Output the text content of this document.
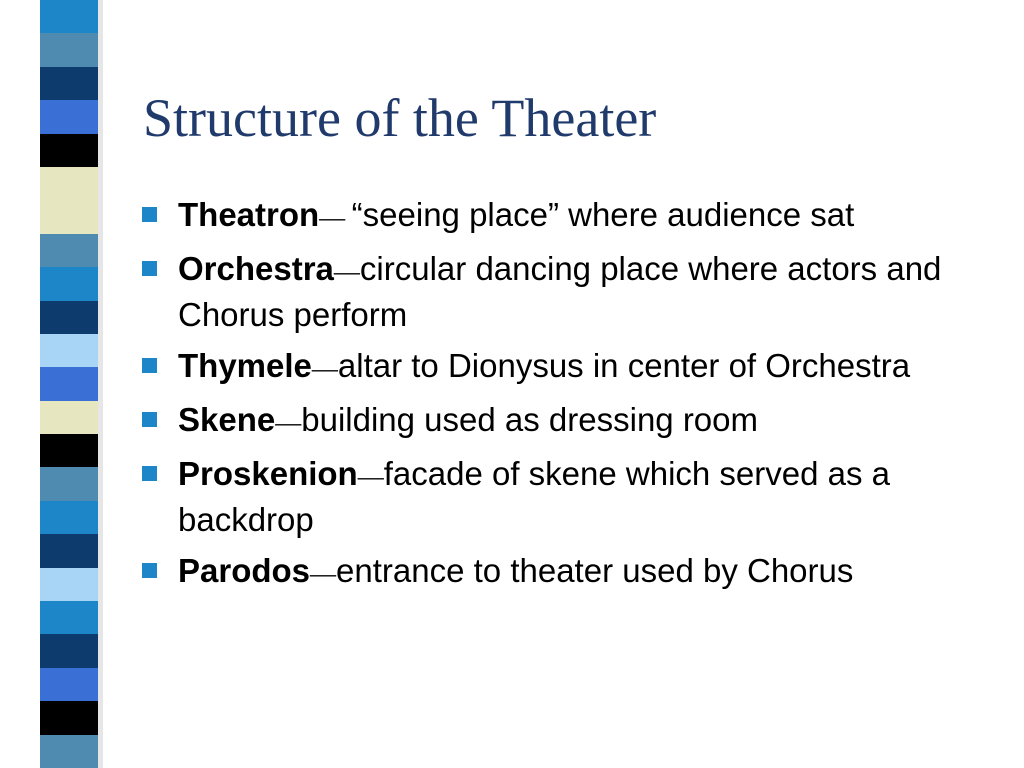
Structure of the Theater
Theatron— “seeing place” where audience sat
Orchestra—circular dancing place where actors and Chorus perform
Thymele—altar to Dionysus in center of Orchestra
Skene—building used as dressing room
Proskenion—facade of skene which served as a backdrop
Parodos—entrance to theater used by Chorus
